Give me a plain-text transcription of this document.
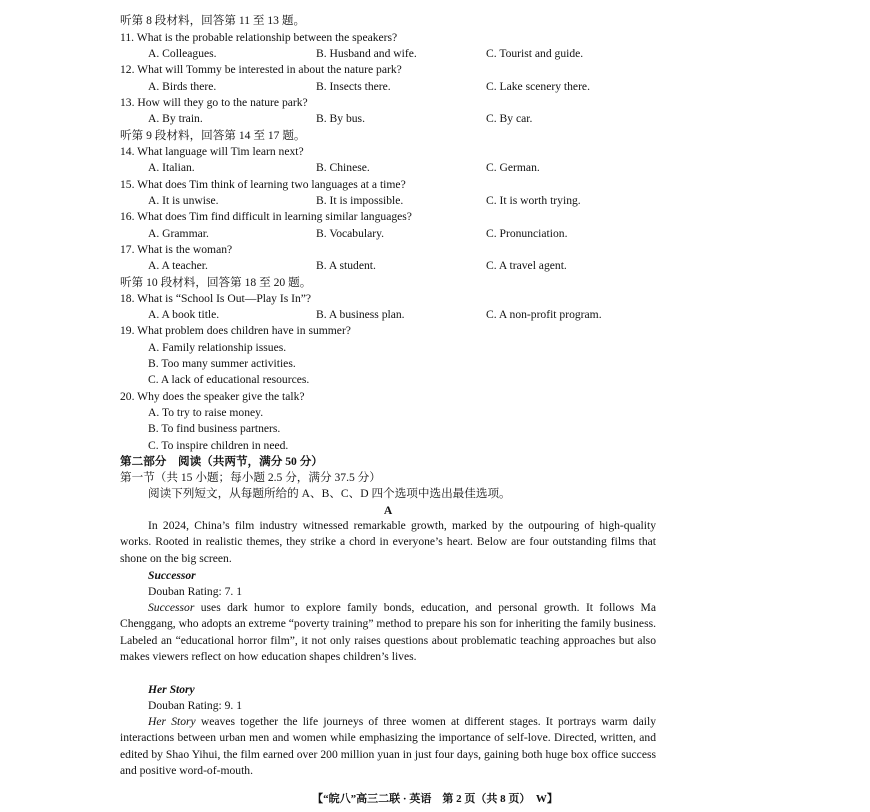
听第 8 段材料，回答第 11 至 13 题。
11. What is the probable relationship between the speakers?
A. Colleagues.	B. Husband and wife.	C. Tourist and guide.
12. What will Tommy be interested in about the nature park?
A. Birds there.	B. Insects there.	C. Lake scenery there.
13. How will they go to the nature park?
A. By train.	B. By bus.	C. By car.
听第 9 段材料，回答第 14 至 17 题。
14. What language will Tim learn next?
A. Italian.	B. Chinese.	C. German.
15. What does Tim think of learning two languages at a time?
A. It is unwise.	B. It is impossible.	C. It is worth trying.
16. What does Tim find difficult in learning similar languages?
A. Grammar.	B. Vocabulary.	C. Pronunciation.
17. What is the woman?
A. A teacher.	B. A student.	C. A travel agent.
听第 10 段材料，回答第 18 至 20 题。
18. What is “School Is Out—Play Is In”?
A. A book title.	B. A business plan.	C. A non-profit program.
19. What problem does children have in summer?
A. Family relationship issues.
B. Too many summer activities.
C. A lack of educational resources.
20. Why does the speaker give the talk?
A. To try to raise money.
B. To find business partners.
C. To inspire children in need.
第二部分　阅读（共两节，满分 50 分）
第一节（共 15 小题；每小题 2.5 分，满分 37.5 分）
阅读下列短文，从每题所给的 A、B、C、D 四个选项中选出最佳选项。
A
In 2024, China’s film industry witnessed remarkable growth, marked by the outpouring of high-quality works. Rooted in realistic themes, they strike a chord in everyone’s heart. Below are four outstanding films that shone on the big screen.
Successor
Douban Rating: 7. 1
Successor uses dark humor to explore family bonds, education, and personal growth. It follows Ma Chenggang, who adopts an extreme “poverty training” method to prepare his son for inheriting the family business. Labeled an “educational horror film”, it not only raises questions about problematic teaching approaches but also makes viewers reflect on how education shapes children’s lives.
Her Story
Douban Rating: 9. 1
Her Story weaves together the life journeys of three women at different stages. It portrays warm daily interactions between urban men and women while emphasizing the importance of self-love. Directed, written, and edited by Shao Yihui, the film earned over 200 million yuan in just four days, gaining both huge box office success and positive word-of-mouth.
【“皖八”高三二联 · 英语　第 2 页（共 8 页）　W】
